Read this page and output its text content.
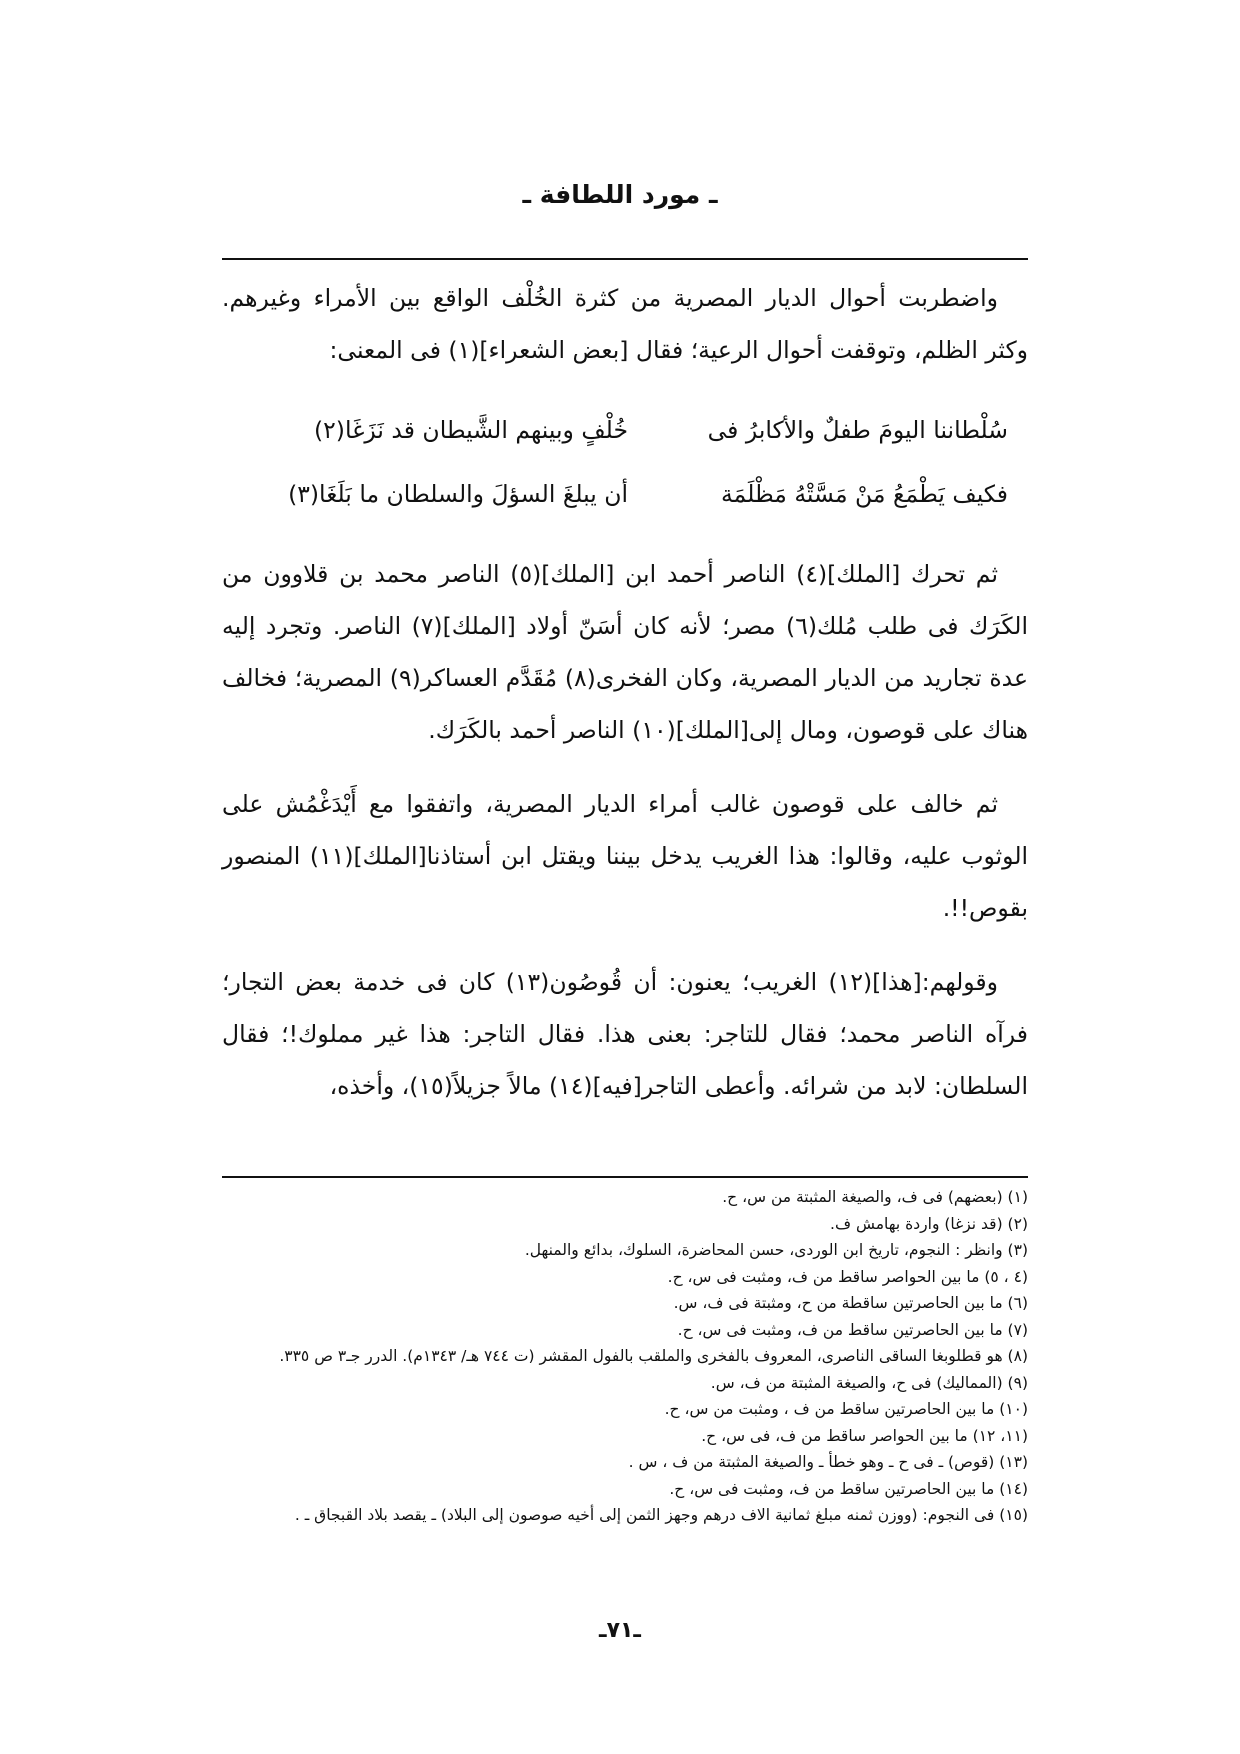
ـ مورد اللطافة ـ

واضطربت أحوال الديار المصرية من كثرة الخُلْف الواقع بين الأمراء وغيرهم. وكثر الظلم، وتوقفت أحوال الرعية؛ فقال [بعض الشعراء](١) فى المعنى:

سُلْطاننا اليومَ طفلٌ والأكابرُ فى
خُلْفٍ وبينهم الشَّيطان قد نَزَغَا(٢)
فكيف يَطْمَعُ مَنْ مَسَّتْهُ مَظْلَمَة
أن يبلغَ السؤلَ والسلطان ما بَلَغَا(٣)

ثم تحرك [الملك](٤) الناصر أحمد ابن [الملك](٥) الناصر محمد بن قلاوون من الكَرَك فى طلب مُلك(٦) مصر؛ لأنه كان أسَنّ أولاد [الملك](٧) الناصر. وتجرد إليه عدة تجاريد من الديار المصرية، وكان الفخرى(٨) مُقَدَّم العساكر(٩) المصرية؛ فخالف هناك على قوصون، ومال إلى[الملك](١٠) الناصر أحمد بالكَرَك.

ثم خالف على قوصون غالب أمراء الديار المصرية، واتفقوا مع أَيْدَغْمُش على الوثوب عليه، وقالوا: هذا الغريب يدخل بيننا ويقتل ابن أستاذنا[الملك](١١) المنصور بقوص!!.

وقولهم:[هذا](١٢) الغريب؛ يعنون: أن قُوصُون(١٣) كان فى خدمة بعض التجار؛ فرآه الناصر محمد؛ فقال للتاجر: بعنى هذا. فقال التاجر: هذا غير مملوك!؛ فقال السلطان: لابد من شرائه. وأعطى التاجر[فيه](١٤) مالاً جزيلاً(١٥)، وأخذه،

(١) (بعضهم) فى ف، والصيغة المثبتة من س، ح.
(٢) (قد نزغا) واردة بهامش ف.
(٣) وانظر : النجوم، تاريخ ابن الوردى، حسن المحاضرة، السلوك، بدائع والمنهل.
(٤ ، ٥) ما بين الحواصر ساقط من ف، ومثبت فى س، ح.
(٦) ما بين الحاصرتين ساقطة من ح، ومثبتة فى ف، س.
(٧) ما بين الحاصرتين ساقط من ف، ومثبت فى س، ح.
(٨) هو قطلوبغا الساقى الناصرى، المعروف بالفخرى والملقب بالفول المقشر (ت ٧٤٤ هـ/ ١٣٤٣م). الدرر جـ٣ ص ٣٣٥.
(٩) (المماليك) فى ح، والصيغة المثبتة من ف، س.
(١٠) ما بين الحاصرتين ساقط من ف ، ومثبت من س، ح.
(١١، ١٢) ما بين الحواصر ساقط من ف، فى س، ح.
(١٣) (قوص) ـ فى ح ـ وهو خطأ ـ والصيغة المثبتة من ف ، س .
(١٤) ما بين الحاصرتين ساقط من ف، ومثبت فى س، ح.
(١٥) فى النجوم: (ووزن ثمنه مبلغ ثمانية الاف درهم وجهز الثمن إلى أخيه صوصون إلى البلاد) ـ يقصد بلاد القبجاق ـ .
ـ٧١ـ
